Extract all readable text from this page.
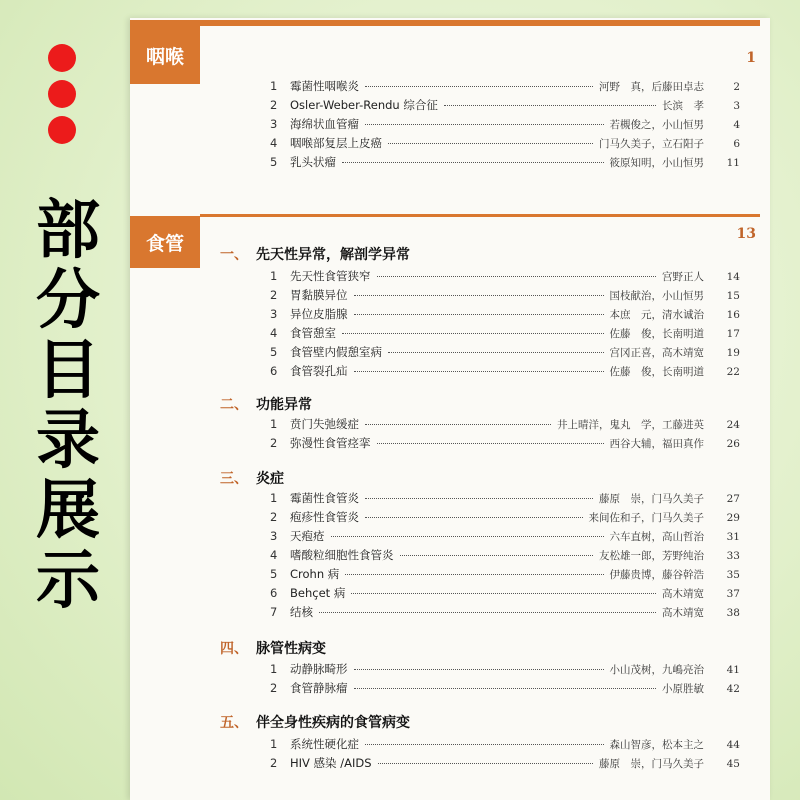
部
分
目
录
展
示
咽喉	1
1	霉菌性咽喉炎	河野　真，后藤田卓志	2
2	Osler-Weber-Rendu 综合征	长滨　孝	3
3	海绵状血管瘤	若槻俊之，小山恒男	4
4	咽喉部复层上皮癌	门马久美子，立石阳子	6
5	乳头状瘤	筱原知明，小山恒男	11
食管	13
一、 先天性异常，解剖学异常
1	先天性食管狭窄	宫野正人	14
2	胃黏膜异位	国枝献治，小山恒男	15
3	异位皮脂腺	本庶　元，清水诚治	16
4	食管憩室	佐藤　俊，长南明道	17
5	食管壁内假憩室病	宫冈正喜，高木靖宽	19
6	食管裂孔疝	佐藤　俊，长南明道	22
二、 功能异常
1	贲门失弛缓症	井上晴洋，鬼丸　学，工藤进英	24
2	弥漫性食管痉挛	西谷大辅，福田真作	26
三、 炎症
1	霉菌性食管炎	藤原　崇，门马久美子	27
2	疱疹性食管炎	来间佐和子，门马久美子	29
3	天疱疮	六车直树，高山哲治	31
4	嗜酸粒细胞性食管炎	友松雄一郎，芳野纯治	33
5	Crohn 病	伊藤贵博，藤谷幹浩	35
6	Behçet 病	高木靖宽	37
7	结核	高木靖宽	38
四、 脉管性病变
1	动静脉畸形	小山茂树，九嶋亮治	41
2	食管静脉瘤	小原胜敏	42
五、 伴全身性疾病的食管病变
1	系统性硬化症	森山智彦，松本主之	44
2	HIV 感染 /AIDS	藤原　崇，门马久美子	45
